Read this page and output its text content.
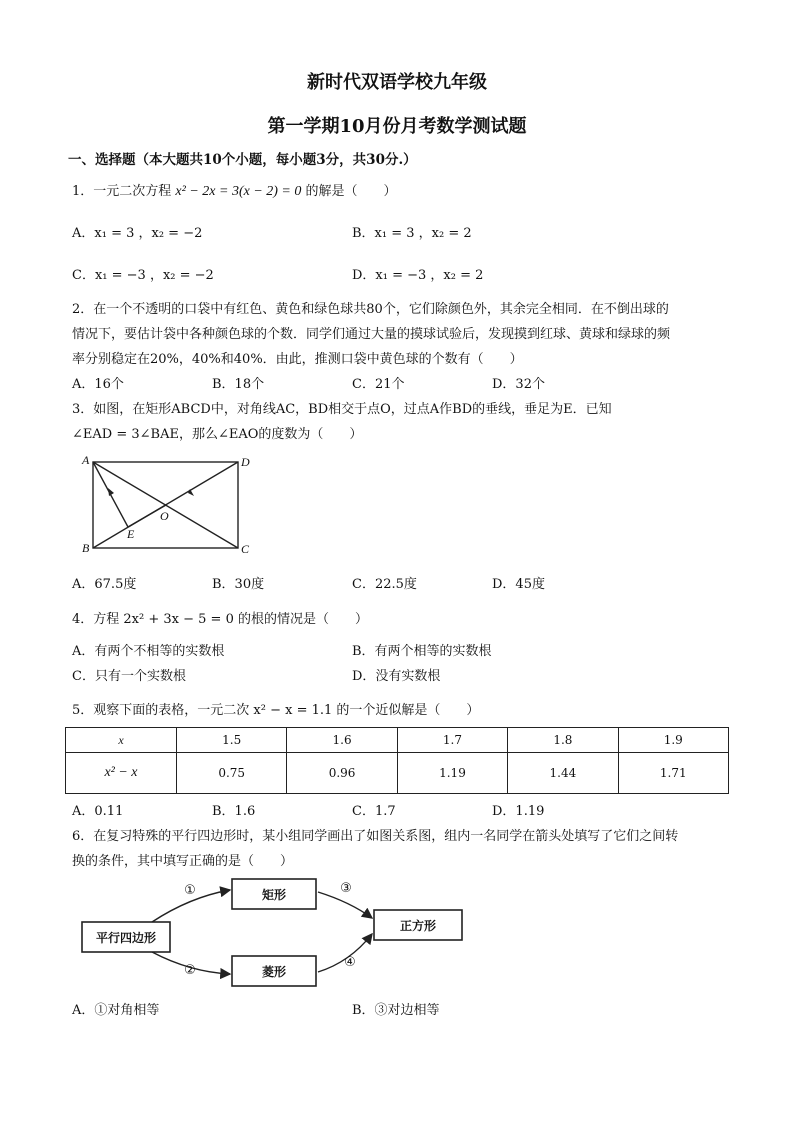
新时代双语学校九年级
第一学期10月份月考数学测试题
一、选择题（本大题共10个小题，每小题3分，共30分.）
1．一元二次方程 x² − 2x = 3(x − 2) = 0 的解是（　　）
A．x₁ = 3 ，x₂ = −2	B．x₁ = 3 ，x₂ = 2
C．x₁ = −3 ，x₂ = −2	D．x₁ = −3 ，x₂ = 2
2．在一个不透明的口袋中有红色、黄色和绿色球共80个，它们除颜色外，其余完全相同．在不倒出球的
情况下，要估计袋中各种颜色球的个数．同学们通过大量的摸球试验后，发现摸到红球、黄球和绿球的频
率分别稳定在20%，40%和40%．由此，推测口袋中黄色球的个数有（　　）
A．16个	B．18个	C．21个	D．32个
3．如图，在矩形ABCD中，对角线AC，BD相交于点O，过点A作BD的垂线，垂足为E．已知
∠EAD = 3∠BAE，那么∠EAO的度数为（　　）
A	D
B	C
O
E
A．67.5度	B．30度	C．22.5度	D．45度
4．方程 2x² + 3x − 5 = 0 的根的情况是（　　）
A．有两个不相等的实数根	B．有两个相等的实数根
C．只有一个实数根	D．没有实数根
5．观察下面的表格，一元二次 x² − x = 1.1 的一个近似解是（　　）
x	1.5	1.6	1.7	1.8	1.9
x² − x	0.75	0.96	1.19	1.44	1.71
A．0.11	B．1.6	C．1.7	D．1.19
6．在复习特殊的平行四边形时，某小组同学画出了如图关系图，组内一名同学在箭头处填写了它们之间转
换的条件，其中填写正确的是（　　）
平行四边形
矩形
菱形
正方形
①
②
③
④
A．①对角相等	B．③对边相等
